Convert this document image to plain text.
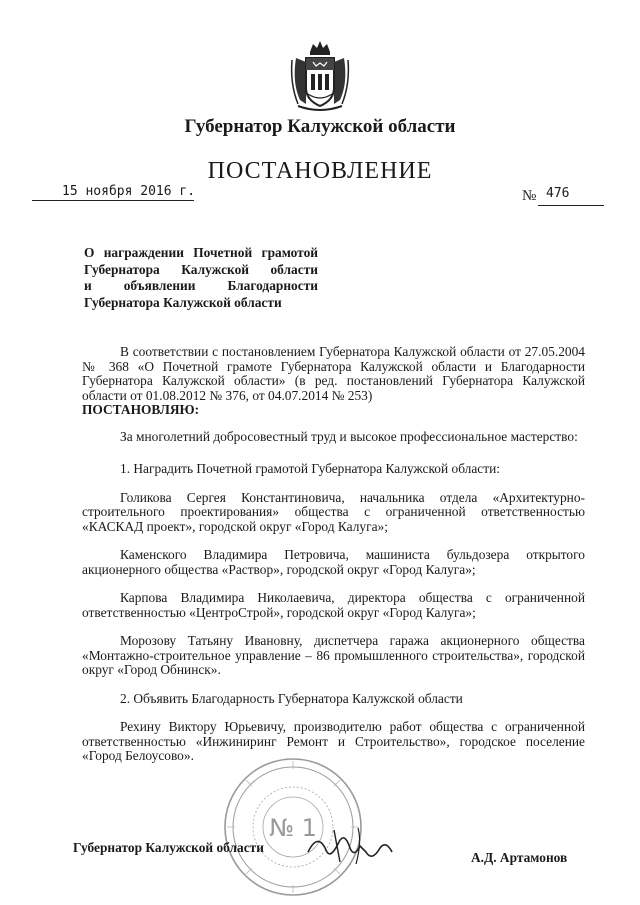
Губернатор Калужской области
ПОСТАНОВЛЕНИЕ
15 ноября 2016 г.	№ 476
О награждении Почетной грамотой
Губернатора Калужской области
и объявлении Благодарности
Губернатора Калужской области

В соответствии с постановлением Губернатора Калужской области от 27.05.2004 № 368 «О Почетной грамоте Губернатора Калужской области и Благодарности Губернатора Калужской области» (в ред. постановлений Губернатора Калужской области от 01.08.2012 № 376, от 04.07.2014 № 253)

ПОСТАНОВЛЯЮ:

За многолетний добросовестный труд и высокое профессиональное мастерство:

1. Наградить Почетной грамотой Губернатора Калужской области:

Голикова Сергея Константиновича, начальника отдела «Архитектурно-строительного проектирования» общества с ограниченной ответственностью «КАСКАД проект», городской округ «Город Калуга»;

Каменского Владимира Петровича, машиниста бульдозера открытого акционерного общества «Раствор», городской округ «Город Калуга»;

Карпова Владимира Николаевича, директора общества с ограниченной ответственностью «ЦентроСтрой», городской округ «Город Калуга»;

Морозову Татьяну Ивановну, диспетчера гаража акционерного общества «Монтажно-строительное управление – 86 промышленного строительства», городской округ «Город Обнинск».

2. Объявить Благодарность Губернатора Калужской области

Рехину Виктору Юрьевичу, производителю работ общества с ограниченной ответственностью «Инжиниринг Ремонт и Строительство», городское поселение «Город Белоусово».

№ 1
Губернатор Калужской области
А.Д. Артамонов
